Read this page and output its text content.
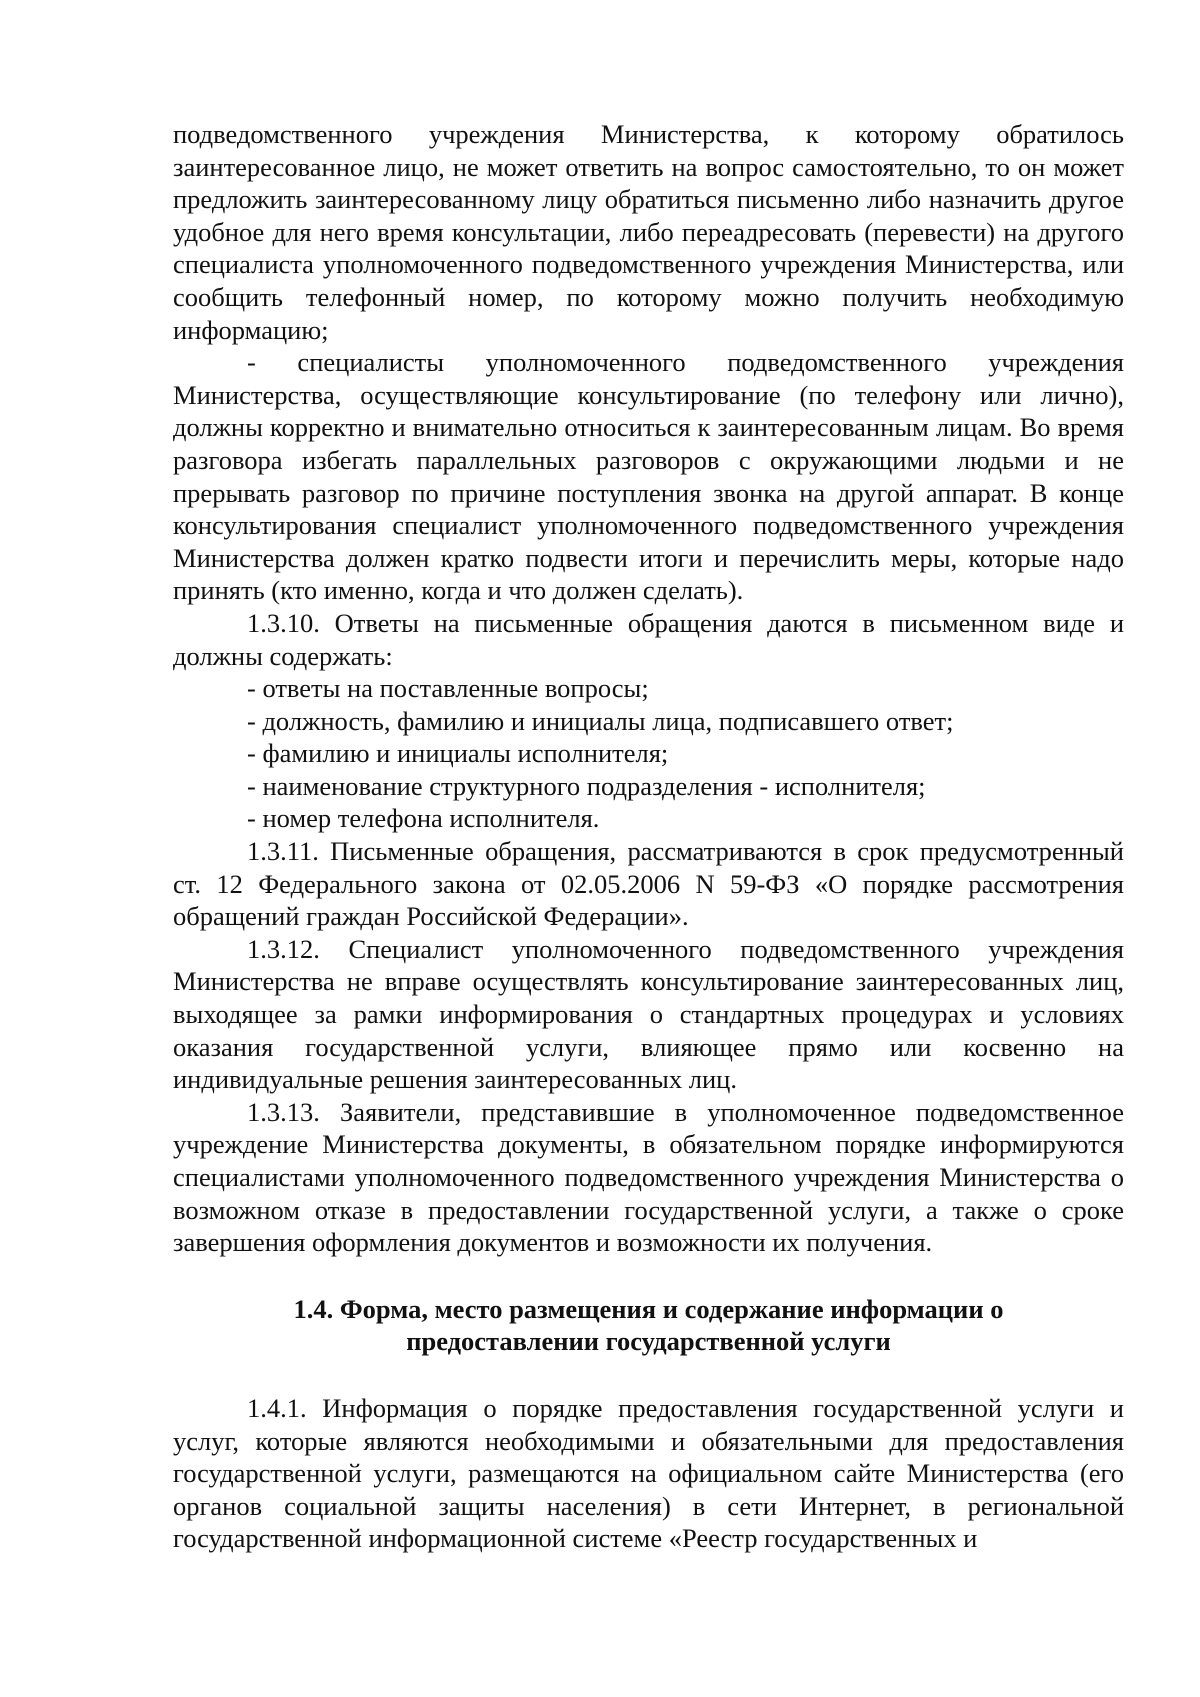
подведомственного учреждения Министерства, к которому обратилось заинтересованное лицо, не может ответить на вопрос самостоятельно, то он может предложить заинтересованному лицу обратиться письменно либо назначить другое удобное для него время консультации, либо переадресовать (перевести) на другого специалиста уполномоченного подведомственного учреждения Министерства, или сообщить телефонный номер, по которому можно получить необходимую информацию;

- специалисты уполномоченного подведомственного учреждения Министерства, осуществляющие консультирование (по телефону или лично), должны корректно и внимательно относиться к заинтересованным лицам. Во время разговора избегать параллельных разговоров с окружающими людьми и не прерывать разговор по причине поступления звонка на другой аппарат. В конце консультирования специалист уполномоченного подведомственного учреждения Министерства должен кратко подвести итоги и перечислить меры, которые надо принять (кто именно, когда и что должен сделать).

1.3.10. Ответы на письменные обращения даются в письменном виде и должны содержать:

- ответы на поставленные вопросы;

- должность, фамилию и инициалы лица, подписавшего ответ;

- фамилию и инициалы исполнителя;

- наименование структурного подразделения - исполнителя;

- номер телефона исполнителя.

1.3.11. Письменные обращения, рассматриваются в срок предусмотренный ст. 12 Федерального закона от 02.05.2006 N 59-ФЗ «О порядке рассмотрения обращений граждан Российской Федерации».

1.3.12. Специалист уполномоченного подведомственного учреждения Министерства не вправе осуществлять консультирование заинтересованных лиц, выходящее за рамки информирования о стандартных процедурах и условиях оказания государственной услуги, влияющее прямо или косвенно на индивидуальные решения заинтересованных лиц.

1.3.13. Заявители, представившие в уполномоченное подведомственное учреждение Министерства документы, в обязательном порядке информируются специалистами уполномоченного подведомственного учреждения Министерства о возможном отказе в предоставлении государственной услуги, а также о сроке завершения оформления документов и возможности их получения.

1.4. Форма, место размещения и содержание информации о
предоставлении государственной услуги

1.4.1. Информация о порядке предоставления государственной услуги и услуг, которые являются необходимыми и обязательными для предоставления государственной услуги, размещаются на официальном сайте Министерства (его органов социальной защиты населения) в сети Интернет, в региональной государственной информационной системе «Реестр государственных и
